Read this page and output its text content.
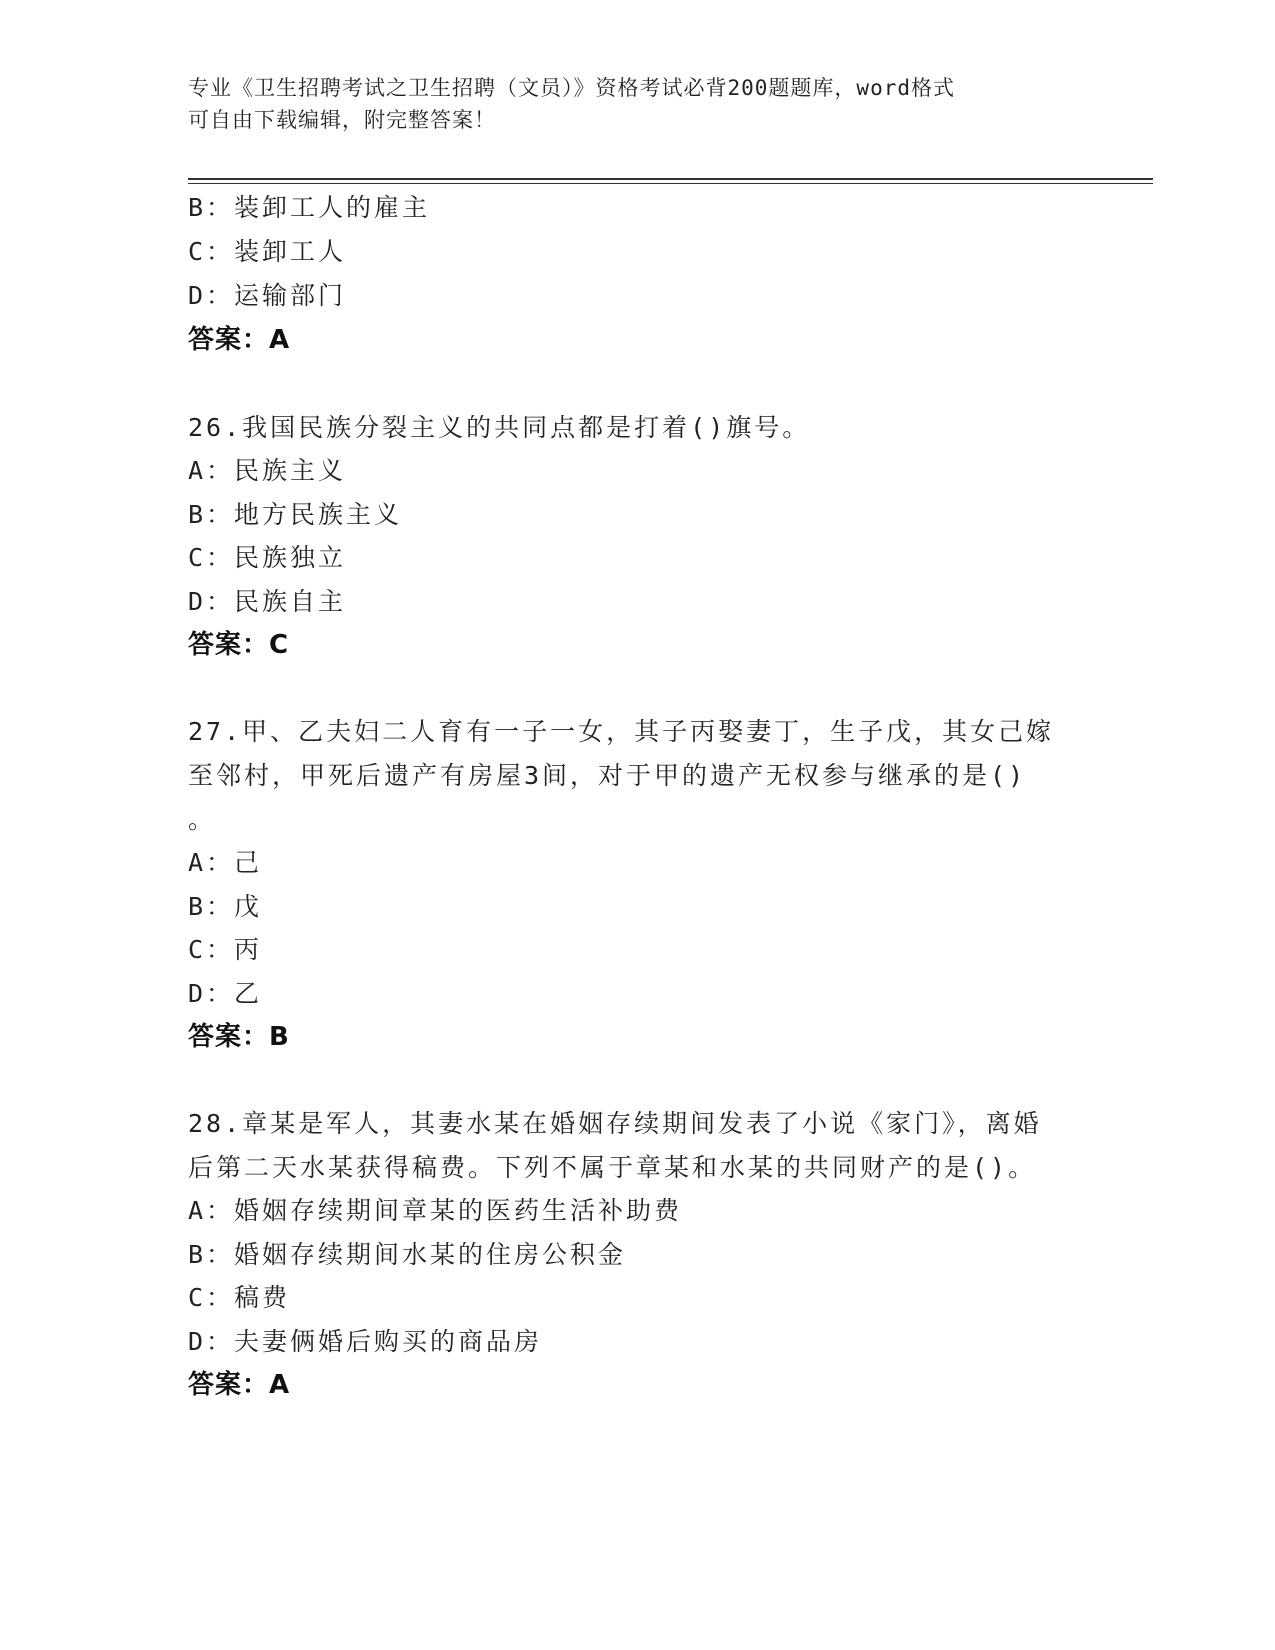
专业《卫生招聘考试之卫生招聘（文员）》资格考试必背200题题库，word格式
可自由下载编辑，附完整答案！
B：装卸工人的雇主
C：装卸工人
D：运输部门
答案：A
26.我国民族分裂主义的共同点都是打着()旗号。
A：民族主义
B：地方民族主义
C：民族独立
D：民族自主
答案：C
27.甲、乙夫妇二人育有一子一女，其子丙娶妻丁，生子戊，其女己嫁
至邻村，甲死后遗产有房屋3间，对于甲的遗产无权参与继承的是()
。
A：己
B：戊
C：丙
D：乙
答案：B
28.章某是军人，其妻水某在婚姻存续期间发表了小说《家门》，离婚
后第二天水某获得稿费。下列不属于章某和水某的共同财产的是()。
A：婚姻存续期间章某的医药生活补助费
B：婚姻存续期间水某的住房公积金
C：稿费
D：夫妻俩婚后购买的商品房
答案：A
